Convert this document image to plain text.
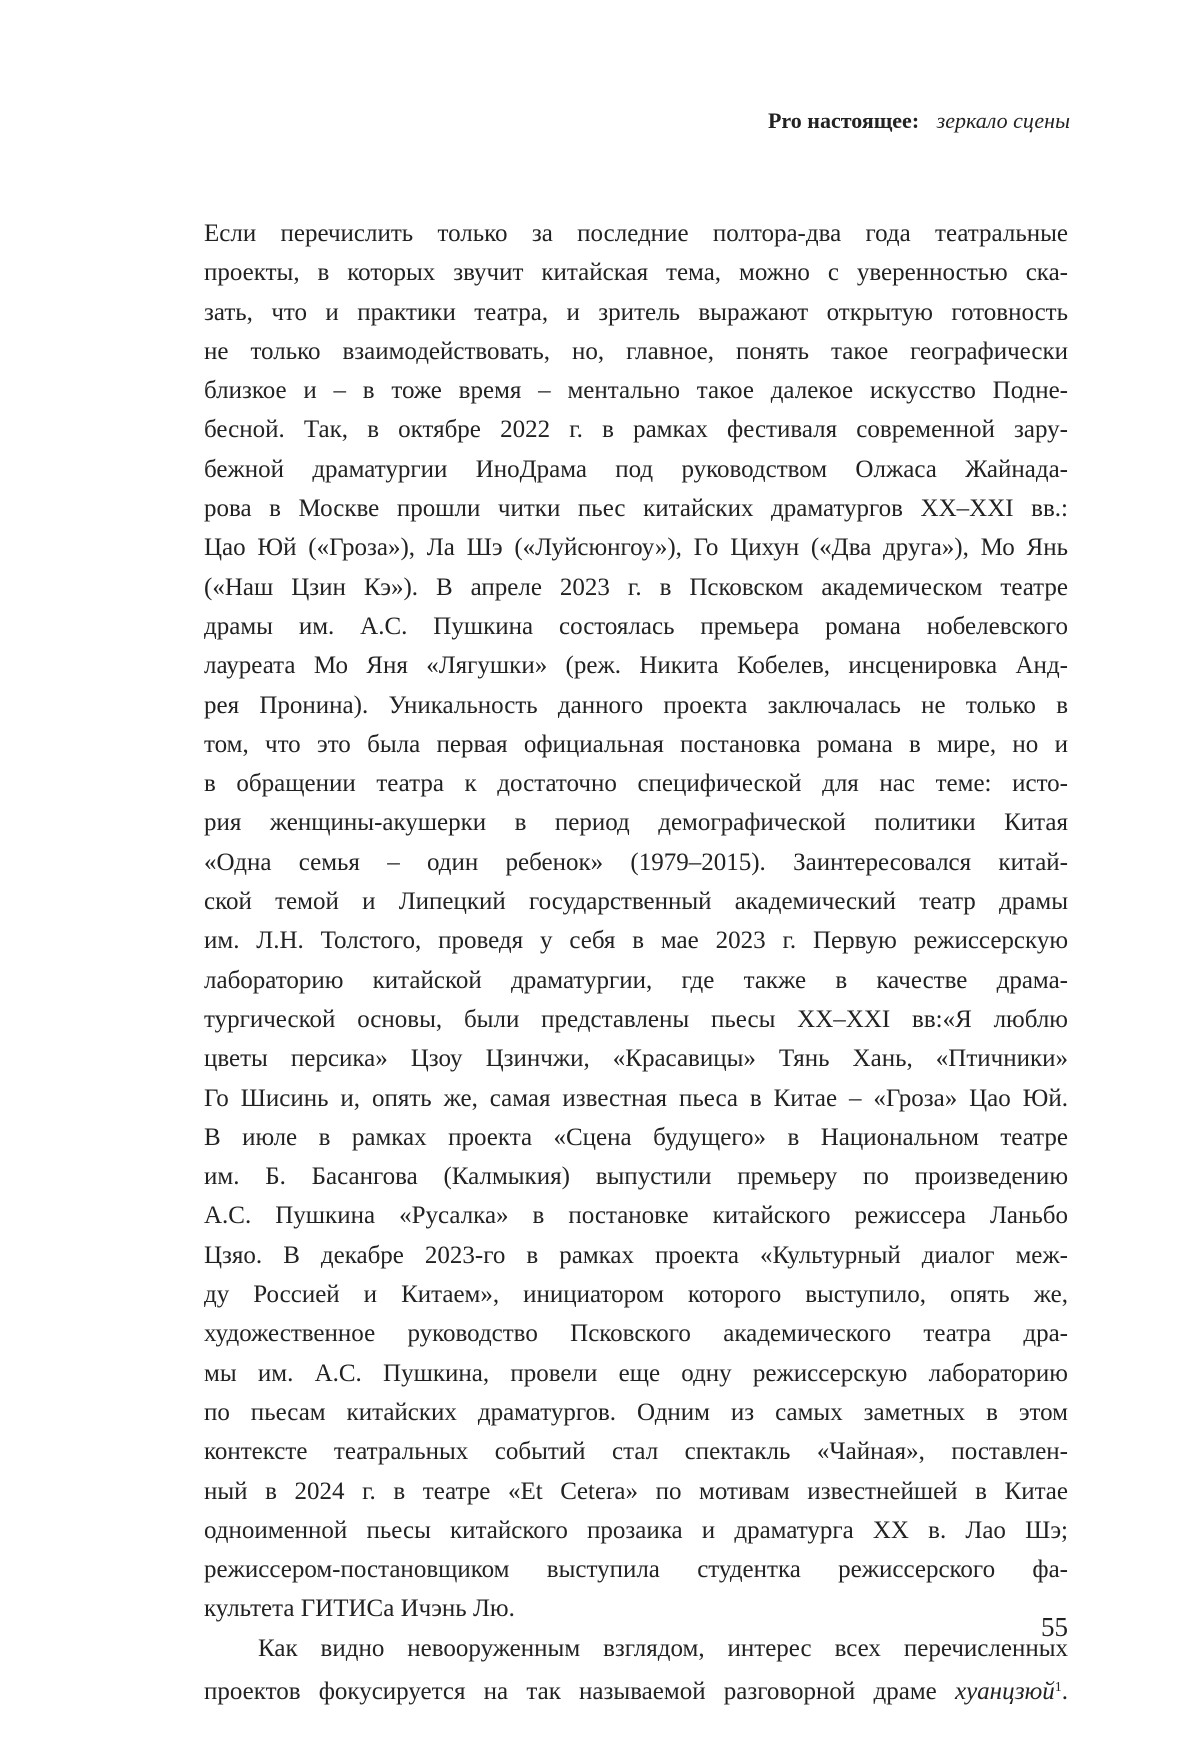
Pro настоящее: зеркало сцены
Если перечислить только за последние полтора-два года театральные
проекты, в которых звучит китайская тема, можно с уверенностью ска-
зать, что и практики театра, и зритель выражают открытую готовность
не только взаимодействовать, но, главное, понять такое географически
близкое и – в тоже время – ментально такое далекое искусство Подне-
бесной. Так, в октябре 2022 г. в рамках фестиваля современной зару-
бежной драматургии ИноДрама под руководством Олжаса Жайнада-
рова в Москве прошли читки пьес китайских драматургов XX–XXI вв.:
Цао Юй («Гроза»), Ла Шэ («Луйсюнгоу»), Го Цихун («Два друга»), Мо Янь
(«Наш Цзин Кэ»). В апреле 2023 г. в Псковском академическом театре
драмы им. А.С. Пушкина состоялась премьера романа нобелевского
лауреата Мо Яня «Лягушки» (реж. Никита Кобелев, инсценировка Анд-
рея Пронина). Уникальность данного проекта заключалась не только в
том, что это была первая официальная постановка романа в мире, но и
в обращении театра к достаточно специфической для нас теме: исто-
рия женщины-акушерки в период демографической политики Китая
«Одна семья – один ребенок» (1979–2015). Заинтересовался китай-
ской темой и Липецкий государственный академический театр драмы
им. Л.Н. Толстого, проведя у себя в мае 2023 г. Первую режиссерскую
лабораторию китайской драматургии, где также в качестве драма-
тургической основы, были представлены пьесы XX–XXI вв:«Я люблю
цветы персика» Цзоу Цзинчжи, «Красавицы» Тянь Хань, «Птичники»
Го Шисинь и, опять же, самая известная пьеса в Китае – «Гроза» Цао Юй.
В июле в рамках проекта «Сцена будущего» в Национальном театре
им. Б. Басангова (Калмыкия) выпустили премьеру по произведению
А.С. Пушкина «Русалка» в постановке китайского режиссера Ланьбо
Цзяо. В декабре 2023-го в рамках проекта «Культурный диалог меж-
ду Россией и Китаем», инициатором которого выступило, опять же,
художественное руководство Псковского академического театра дра-
мы им. А.С. Пушкина, провели еще одну режиссерскую лабораторию
по пьесам китайских драматургов. Одним из самых заметных в этом
контексте театральных событий стал спектакль «Чайная», поставлен-
ный в 2024 г. в театре «Et Cetera» по мотивам известнейшей в Китае
одноименной пьесы китайского прозаика и драматурга XX в. Лао Шэ;
режиссером-постановщиком выступила студентка режиссерского фа-
культета ГИТИСа Ичэнь Лю.
Как видно невооруженным взглядом, интерес всех перечисленных
проектов фокусируется на так называемой разговорной драме хуанцзюй1.
55
